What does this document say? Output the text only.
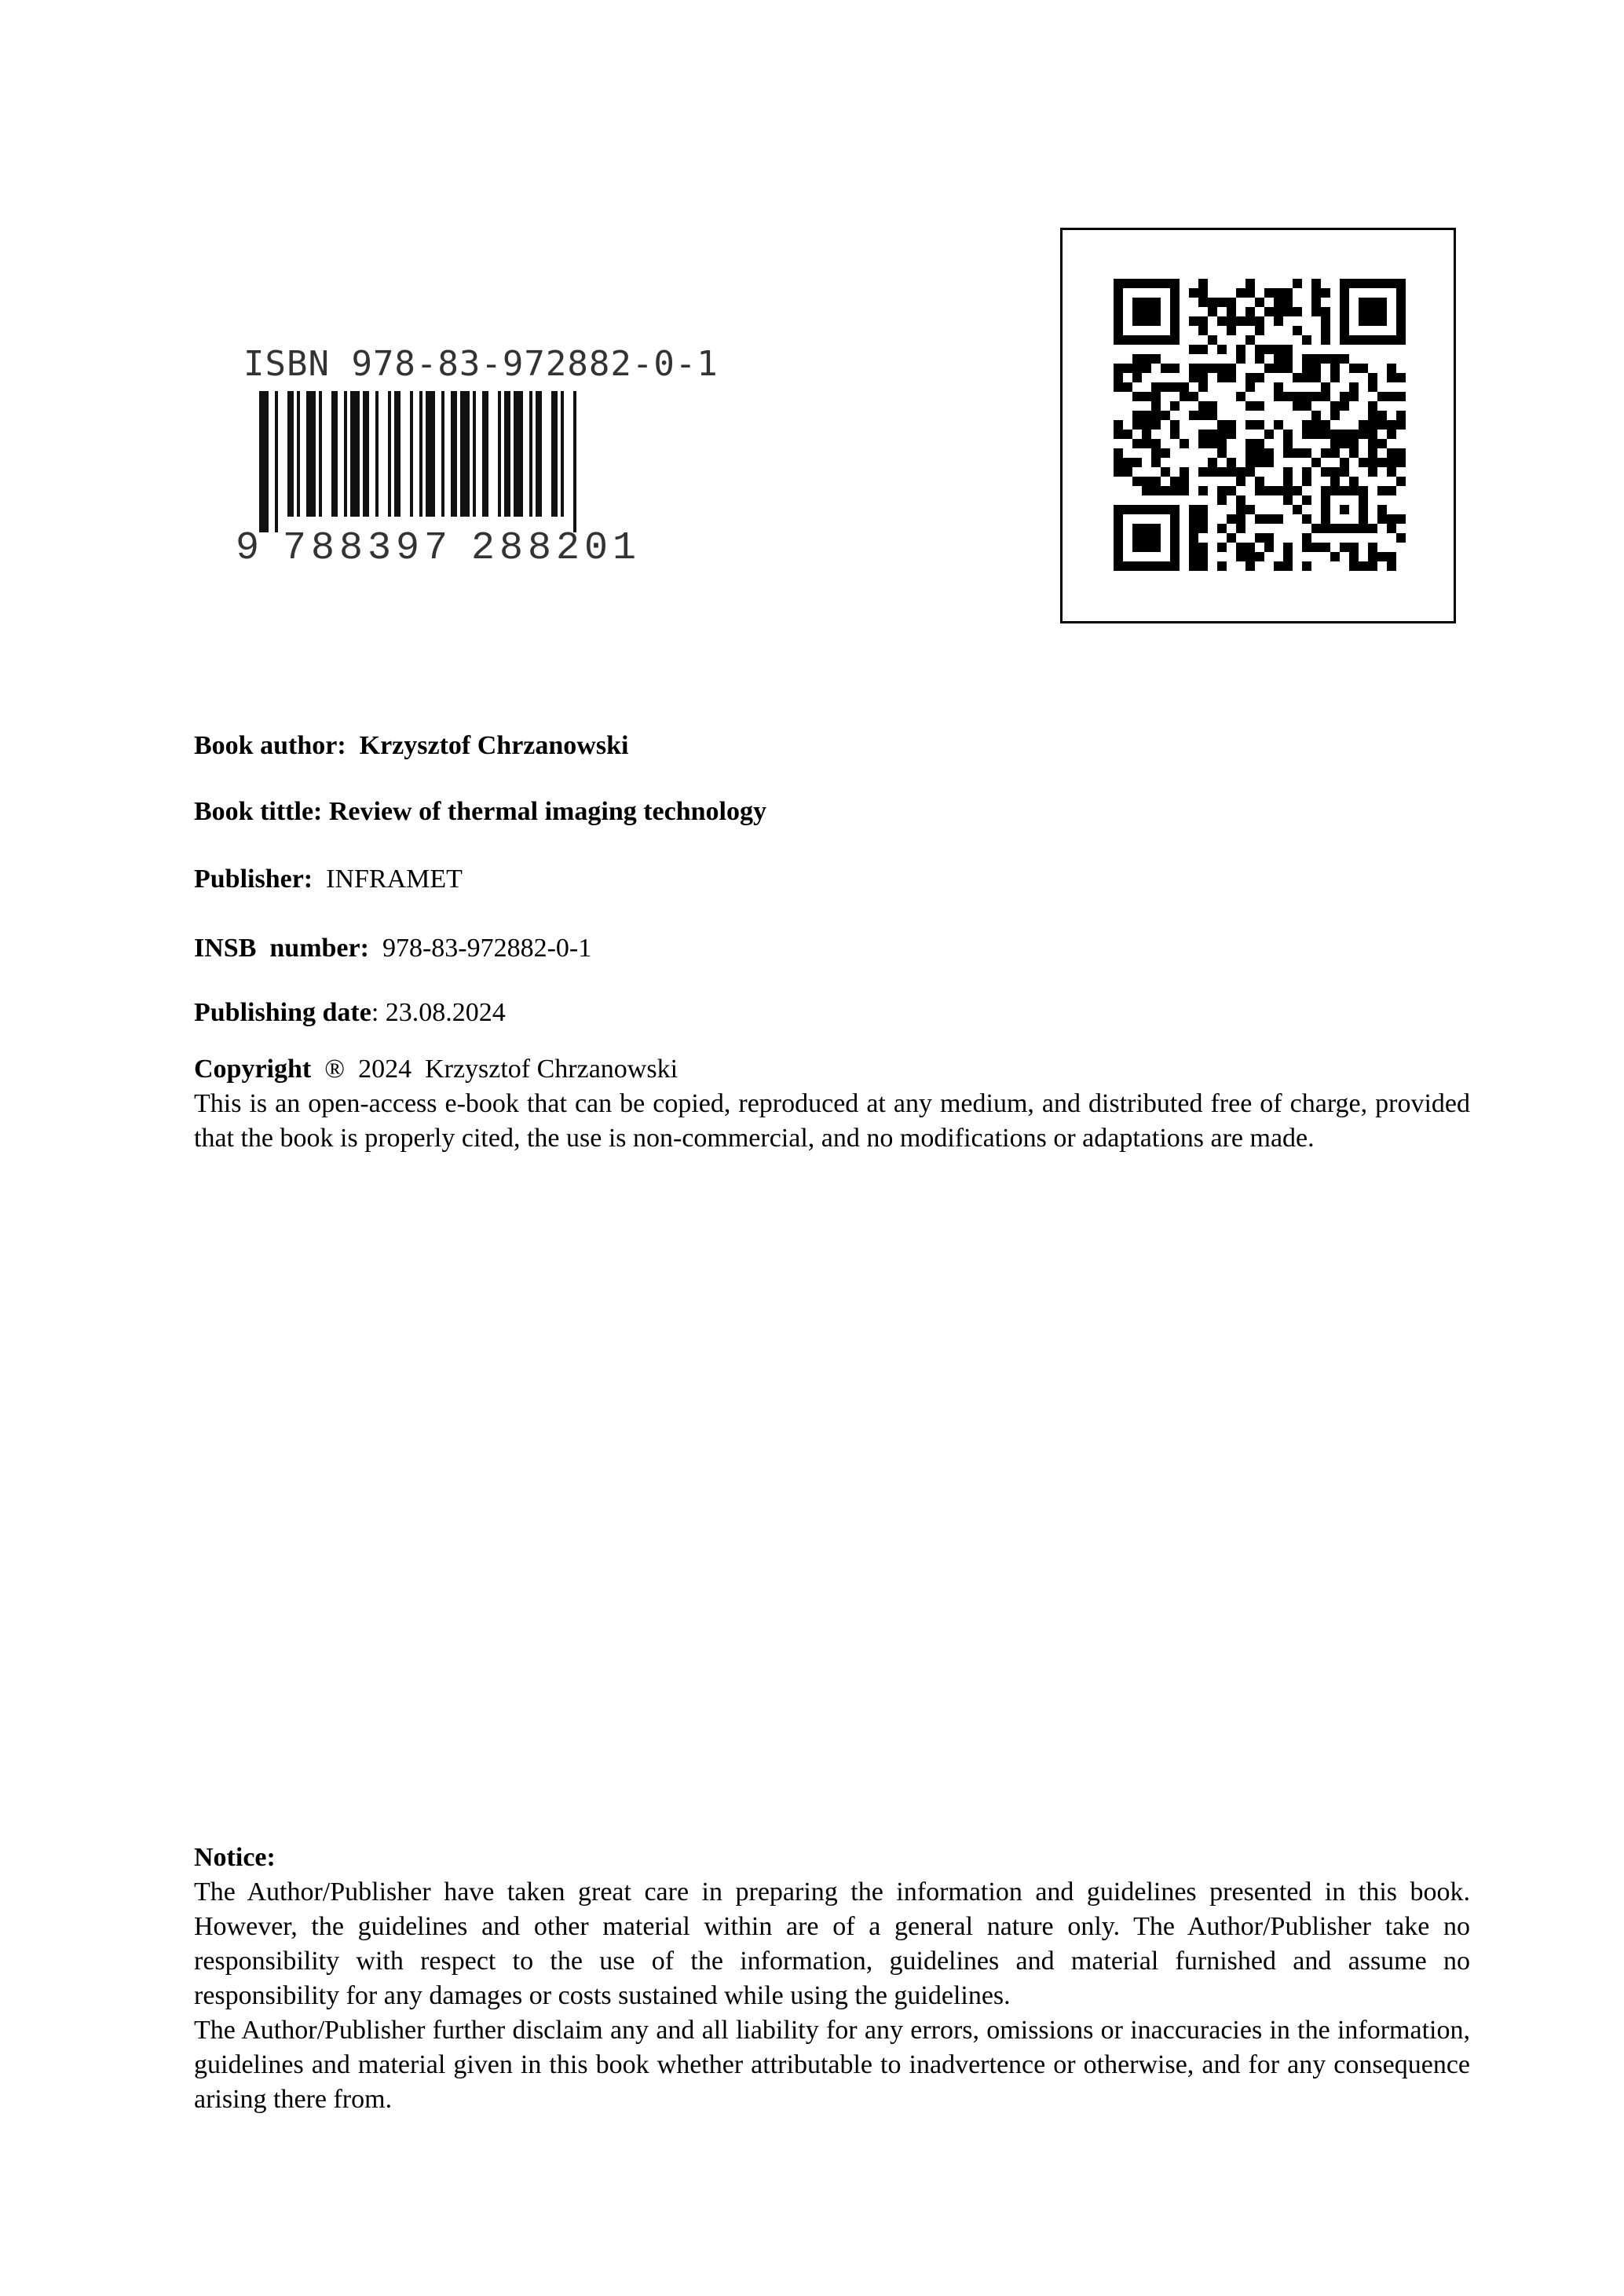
ISBN 978-83-972882-0-1
9 788397 288201
Book author: Krzysztof Chrzanowski
Book tittle: Review of thermal imaging technology
Publisher: INFRAMET
INSB  number: 978-83-972882-0-1
Publishing date: 23.08.2024
Copyright ®  2024  Krzysztof Chrzanowski
This is an open-access e-book that can be copied, reproduced at any medium, and distributed free of charge, provided that the book is properly cited, the use is non-commercial, and no modifications or adaptations are made.

Notice:

The Author/Publisher have taken great care in preparing the information and guidelines presented in this book. However, the guidelines and other material within are of a general nature only. The Author/Publisher take no responsibility with respect to the use of the information, guidelines and material furnished and assume no responsibility for any damages or costs sustained while using the guidelines.

The Author/Publisher further disclaim any and all liability for any errors, omissions or inaccuracies in the information, guidelines and material given in this book whether attributable to inadvertence or otherwise, and for any consequence arising there from.
